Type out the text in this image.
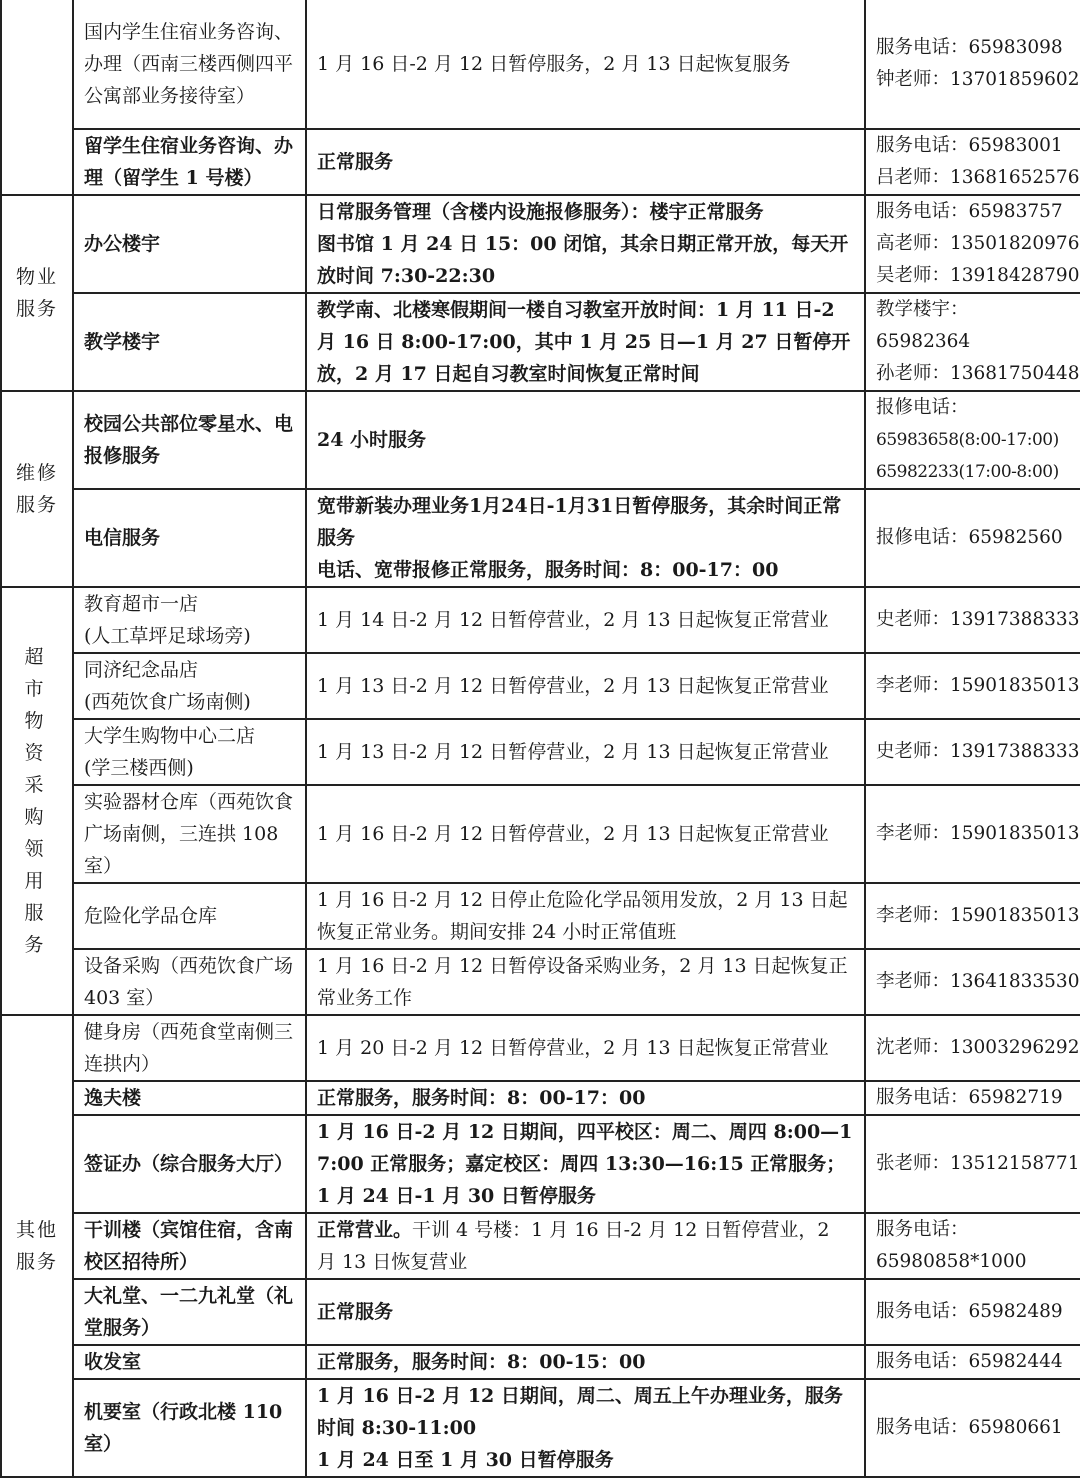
	国内学生住宿业务咨询、办理（西南三楼西侧四平公寓部业务接待室）	1 月 16 日-2 月 12 日暂停服务，2 月 13 日起恢复服务	服务电话：65983098
钟老师：13701859602

	留学生住宿业务咨询、办理（留学生 1 号楼）	正常服务	服务电话：65983001
吕老师：13681652576

物业服务	办公楼宇	日常服务管理（含楼内设施报修服务）：楼宇正常服务
图书馆 1 月 24 日 15：00 闭馆，其余日期正常开放，每天开放时间 7:30-22:30	服务电话：65983757
高老师：13501820976
吴老师：13918428790

	教学楼宇	教学南、北楼寒假期间一楼自习教室开放时间：1 月 11 日-2 月 16 日 8:00-17:00，其中 1 月 25 日—1 月 27 日暂停开放，2 月 17 日起自习教室时间恢复正常时间	教学楼宇：
65982364
孙老师：13681750448

维修服务	校园公共部位零星水、电报修服务	24 小时服务	报修电话：
65983658(8:00-17:00)
65982233(17:00-8:00)

	电信服务	宽带新装办理业务1月24日-1月31日暂停服务，其余时间正常服务
电话、宽带报修正常服务，服务时间：8：00-17：00	报修电话：65982560

超市物资采购领用服务	教育超市一店
(人工草坪足球场旁)	1 月 14 日-2 月 12 日暂停营业，2 月 13 日起恢复正常营业	史老师：13917388333

	同济纪念品店
(西苑饮食广场南侧)	1 月 13 日-2 月 12 日暂停营业，2 月 13 日起恢复正常营业	李老师：15901835013

	大学生购物中心二店
(学三楼西侧)	1 月 13 日-2 月 12 日暂停营业，2 月 13 日起恢复正常营业	史老师：13917388333

	实验器材仓库（西苑饮食广场南侧，三连拱 108 室）	1 月 16 日-2 月 12 日暂停营业，2 月 13 日起恢复正常营业	李老师：15901835013

	危险化学品仓库	1 月 16 日-2 月 12 日停止危险化学品领用发放，2 月 13 日起恢复正常业务。期间安排 24 小时正常值班	李老师：15901835013

	设备采购（西苑饮食广场 403 室）	1 月 16 日-2 月 12 日暂停设备采购业务，2 月 13 日起恢复正常业务工作	李老师：13641833530

其他服务	健身房（西苑食堂南侧三连拱内）	1 月 20 日-2 月 12 日暂停营业，2 月 13 日起恢复正常营业	沈老师：13003296292

	逸夫楼	正常服务，服务时间：8：00-17：00	服务电话：65982719

	签证办（综合服务大厅）	1 月 16 日-2 月 12 日期间，四平校区：周二、周四 8:00—17:00 正常服务；嘉定校区：周四 13:30—16:15 正常服务；1 月 24 日-1 月 30 日暂停服务	张老师：13512158771

	干训楼（宾馆住宿，含南校区招待所）	正常营业。干训 4 号楼：1 月 16 日-2 月 12 日暂停营业，2 月 13 日恢复营业	服务电话：
65980858*1000

	大礼堂、一二九礼堂（礼堂服务）	正常服务	服务电话：65982489

	收发室	正常服务，服务时间：8：00-15：00	服务电话：65982444

	机要室（行政北楼 110 室）	1 月 16 日-2 月 12 日期间，周二、周五上午办理业务，服务时间 8:30-11:00
1 月 24 日至 1 月 30 日暂停服务	服务电话：65980661
